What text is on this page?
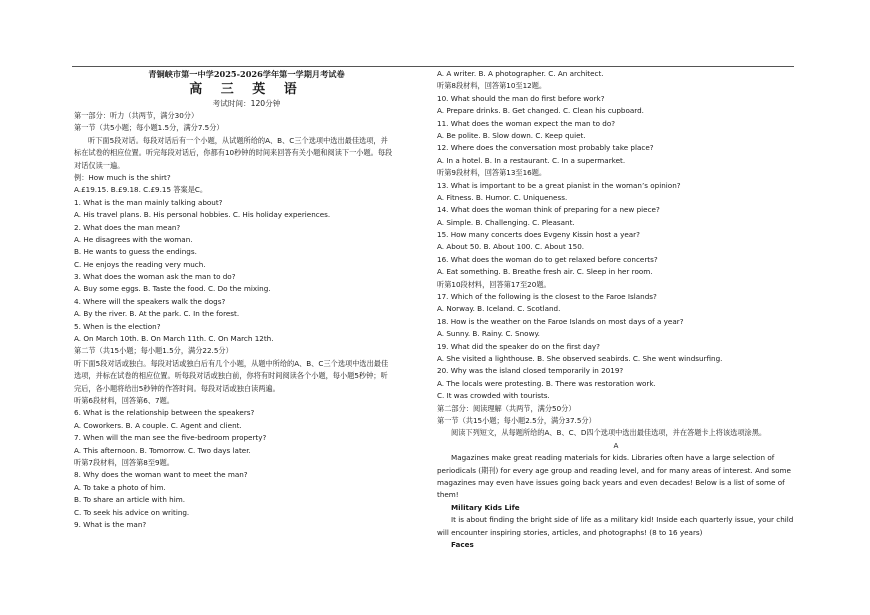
青铜峡市第一中学2025-2026学年第一学期月考试卷
高 三 英 语
考试时间：120分钟
第一部分：听力（共两节，满分30分）
第一节（共5小题；每小题1.5分，满分7.5分）
听下面5段对话。每段对话后有一个小题，从试题所给的A、B、C三个选项中选出最佳选项，并
标在试卷的相应位置。听完每段对话后，你都有10秒钟的时间来回答有关小题和阅读下一小题。每段
对话仅读一遍。
例：How much is the shirt?
A.£19.15. B.£9.18. C.£9.15 答案是C。
1. What is the man mainly talking about?
A. His travel plans. B. His personal hobbies. C. His holiday experiences.
2. What does the man mean?
A. He disagrees with the woman.
B. He wants to guess the endings.
C. He enjoys the reading very much.
3. What does the woman ask the man to do?
A. Buy some eggs. B. Taste the food. C. Do the mixing.
4. Where will the speakers walk the dogs?
A. By the river. B. At the park. C. In the forest.
5. When is the election?
A. On March 10th. B. On March 11th. C. On March 12th.
第二节（共15小题；每小题1.5分，满分22.5分）
听下面5段对话或独白。每段对话或独白后有几个小题，从题中所给的A、B、C三个选项中选出最佳
选项，并标在试卷的相应位置。听每段对话或独白前，你将有时间阅读各个小题，每小题5秒钟；听
完后，各小题将给出5秒钟的作答时间。每段对话或独白读两遍。
听第6段材料，回答第6、7题。
6. What is the relationship between the speakers?
A. Coworkers. B. A couple. C. Agent and client.
7. When will the man see the five-bedroom property?
A. This afternoon. B. Tomorrow. C. Two days later.
听第7段材料，回答第8至9题。
8. Why does the woman want to meet the man?
A. To take a photo of him.
B. To share an article with him.
C. To seek his advice on writing.
9. What is the man?
A. A writer. B. A photographer. C. An architect.
听第8段材料，回答第10至12题。
10. What should the man do first before work?
A. Prepare drinks. B. Get changed. C. Clean his cupboard.
11. What does the woman expect the man to do?
A. Be polite. B. Slow down. C. Keep quiet.
12. Where does the conversation most probably take place?
A. In a hotel. B. In a restaurant. C. In a supermarket.
听第9段材料，回答第13至16题。
13. What is important to be a great pianist in the woman’s opinion?
A. Fitness. B. Humor. C. Uniqueness.
14. What does the woman think of preparing for a new piece?
A. Simple. B. Challenging. C. Pleasant.
15. How many concerts does Evgeny Kissin host a year?
A. About 50. B. About 100. C. About 150.
16. What does the woman do to get relaxed before concerts?
A. Eat something. B. Breathe fresh air. C. Sleep in her room.
听第10段材料，回答第17至20题。
17. Which of the following is the closest to the Faroe Islands?
A. Norway. B. Iceland. C. Scotland.
18. How is the weather on the Faroe Islands on most days of a year?
A. Sunny. B. Rainy. C. Snowy.
19. What did the speaker do on the first day?
A. She visited a lighthouse. B. She observed seabirds. C. She went windsurfing.
20. Why was the island closed temporarily in 2019?
A. The locals were protesting. B. There was restoration work.
C. It was crowded with tourists.
第二部分：阅读理解（共两节，满分50分）
第一节（共15小题；每小题2.5分，满分37.5分）
阅读下列短文，从每题所给的A、B、C、D四个选项中选出最佳选项，并在答题卡上将该选项涂黑。
A
Magazines make great reading materials for kids. Libraries often have a large selection of periodicals (期刊) for every age group and reading level, and for many areas of interest. And some magazines may even have issues going back years and even decades! Below is a list of some of them!
Military Kids Life
It is about finding the bright side of life as a military kid! Inside each quarterly issue, your child will encounter inspiring stories, articles, and photographs! (8 to 16 years)
Faces
